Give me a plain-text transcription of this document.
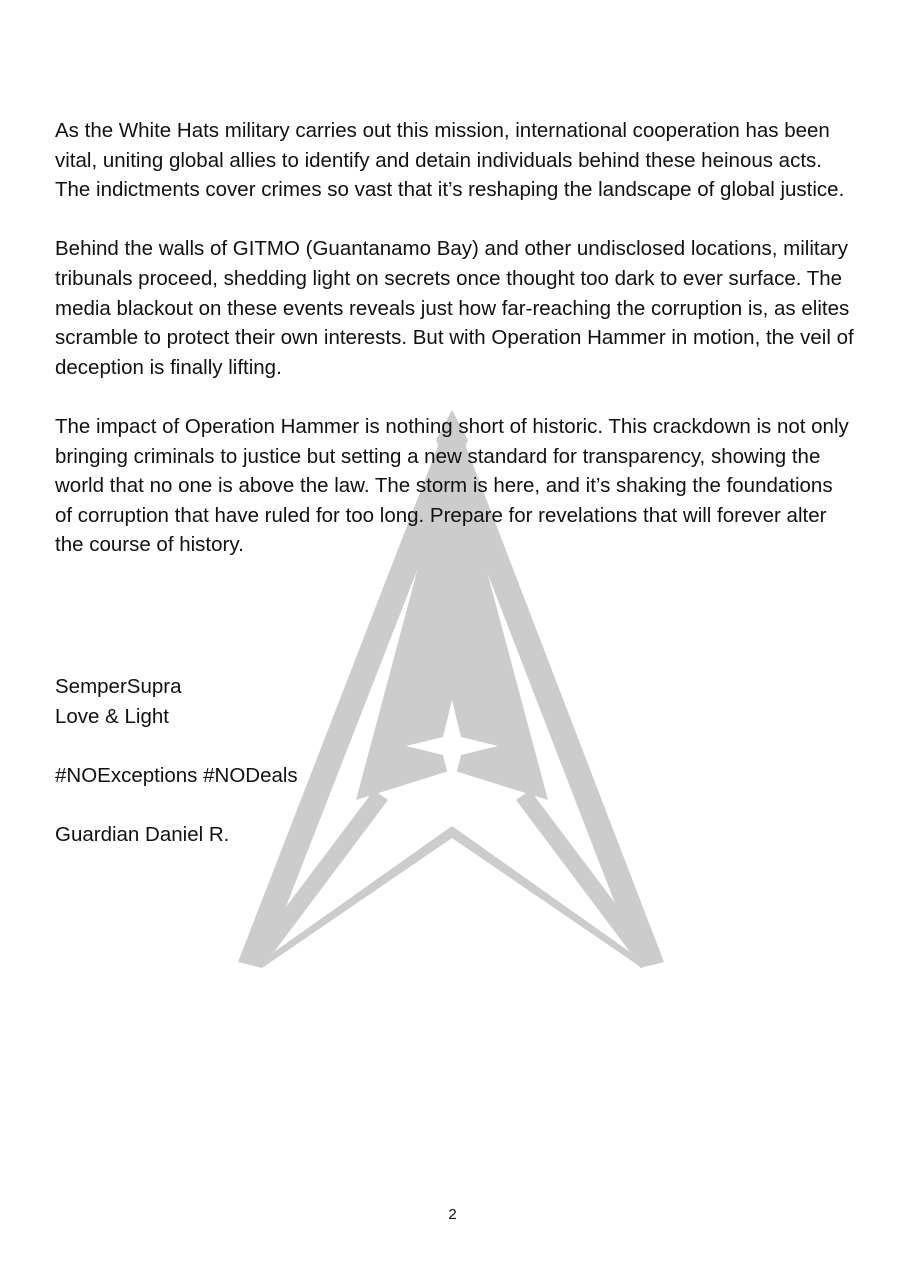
As the White Hats military carries out this mission, international cooperation has been vital, uniting global allies to identify and detain individuals behind these heinous acts. The indictments cover crimes so vast that it’s reshaping the landscape of global justice.

Behind the walls of GITMO (Guantanamo Bay) and other undisclosed locations, military tribunals proceed, shedding light on secrets once thought too dark to ever surface. The media blackout on these events reveals just how far-reaching the corruption is, as elites scramble to protect their own interests. But with Operation Hammer in motion, the veil of deception is finally lifting.

The impact of Operation Hammer is nothing short of historic. This crackdown is not only bringing criminals to justice but setting a new standard for transparency, showing the world that no one is above the law. The storm is here, and it’s shaking the foundations of corruption that have ruled for too long. Prepare for revelations that will forever alter the course of history.

SemperSupra
Love & Light
#NOExceptions #NODeals
Guardian Daniel R.
2
